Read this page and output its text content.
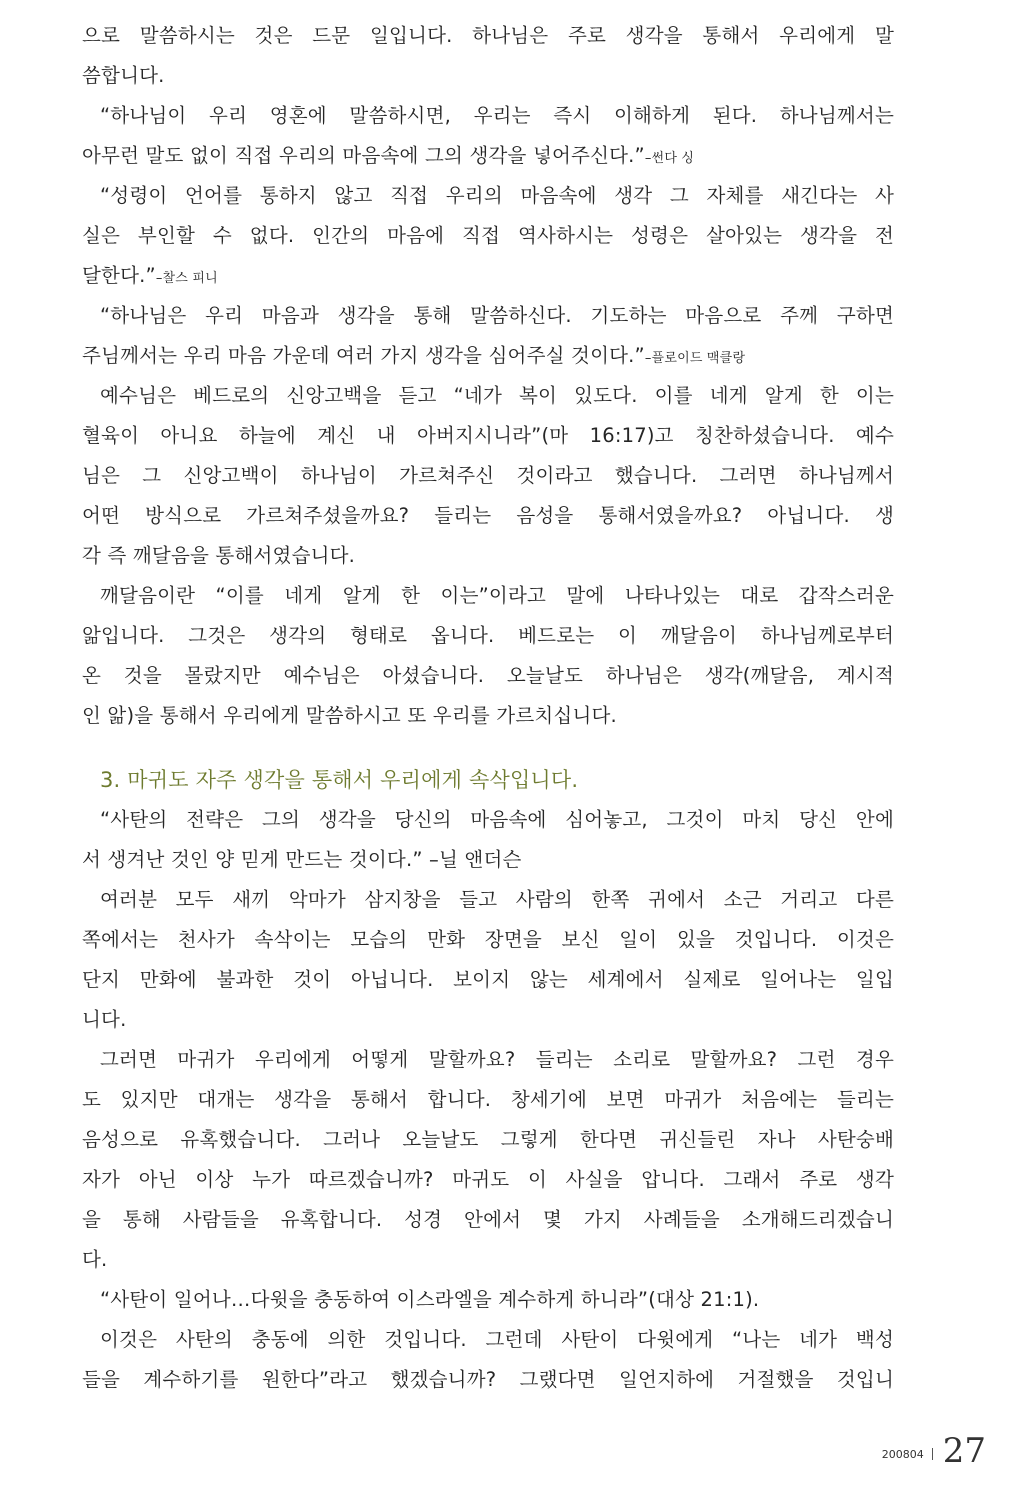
으로 말씀하시는 것은 드문 일입니다. 하나님은 주로 생각을 통해서 우리에게 말
씀합니다.
“하나님이 우리 영혼에 말씀하시면, 우리는 즉시 이해하게 된다. 하나님께서는
아무런 말도 없이 직접 우리의 마음속에 그의 생각을 넣어주신다.”–썬다 싱
“성령이 언어를 통하지 않고 직접 우리의 마음속에 생각 그 자체를 새긴다는 사
실은 부인할 수 없다. 인간의 마음에 직접 역사하시는 성령은 살아있는 생각을 전
달한다.”–찰스 피니
“하나님은 우리 마음과 생각을 통해 말씀하신다. 기도하는 마음으로 주께 구하면
주님께서는 우리 마음 가운데 여러 가지 생각을 심어주실 것이다.”–플로이드 맥클랑
예수님은 베드로의 신앙고백을 듣고 “네가 복이 있도다. 이를 네게 알게 한 이는
혈육이 아니요 하늘에 계신 내 아버지시니라”(마 16:17)고 칭찬하셨습니다. 예수
님은 그 신앙고백이 하나님이 가르쳐주신 것이라고 했습니다. 그러면 하나님께서
어떤 방식으로 가르쳐주셨을까요? 들리는 음성을 통해서였을까요? 아닙니다. 생
각 즉 깨달음을 통해서였습니다.
깨달음이란 “이를 네게 알게 한 이는”이라고 말에 나타나있는 대로 갑작스러운
앎입니다. 그것은 생각의 형태로 옵니다. 베드로는 이 깨달음이 하나님께로부터
온 것을 몰랐지만 예수님은 아셨습니다. 오늘날도 하나님은 생각(깨달음, 계시적
인 앎)을 통해서 우리에게 말씀하시고 또 우리를 가르치십니다.
3. 마귀도 자주 생각을 통해서 우리에게 속삭입니다.
“사탄의 전략은 그의 생각을 당신의 마음속에 심어놓고, 그것이 마치 당신 안에
서 생겨난 것인 양 믿게 만드는 것이다.” –닐 앤더슨
여러분 모두 새끼 악마가 삼지창을 들고 사람의 한쪽 귀에서 소근 거리고 다른
쪽에서는 천사가 속삭이는 모습의 만화 장면을 보신 일이 있을 것입니다. 이것은
단지 만화에 불과한 것이 아닙니다. 보이지 않는 세계에서 실제로 일어나는 일입
니다.
그러면 마귀가 우리에게 어떻게 말할까요? 들리는 소리로 말할까요? 그런 경우
도 있지만 대개는 생각을 통해서 합니다. 창세기에 보면 마귀가 처음에는 들리는
음성으로 유혹했습니다. 그러나 오늘날도 그렇게 한다면 귀신들린 자나 사탄숭배
자가 아닌 이상 누가 따르겠습니까? 마귀도 이 사실을 압니다. 그래서 주로 생각
을 통해 사람들을 유혹합니다. 성경 안에서 몇 가지 사례들을 소개해드리겠습니
다.
“사탄이 일어나…다윗을 충동하여 이스라엘을 계수하게 하니라”(대상 21:1).
이것은 사탄의 충동에 의한 것입니다. 그런데 사탄이 다윗에게 “나는 네가 백성
들을 계수하기를 원한다”라고 했겠습니까? 그랬다면 일언지하에 거절했을 것입니
200804 27
